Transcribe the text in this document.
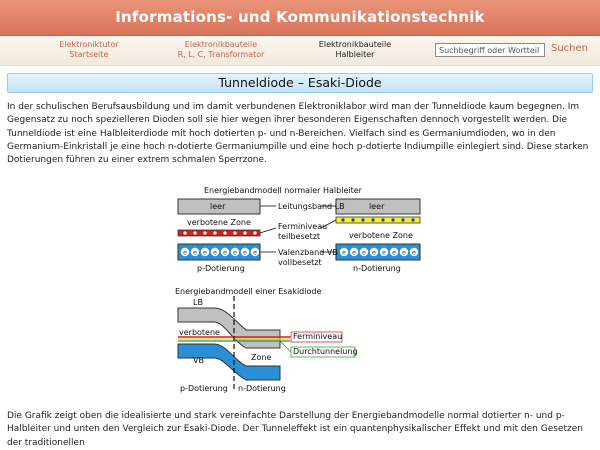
Informations- und Kommunikationstechnik
Elektroniktutor
Startseite
Elektronikbauteile
R, L, C, Transformator
Elektronikbauteile
Halbleiter
Suchbegriff oder Wortteil
Suchen
Tunneldiode – Esaki-Diode

In der schulischen Berufsausbildung und im damit verbundenen Elektroniklabor wird man der Tunneldiode kaum begegnen. Im Gegensatz zu noch spezielleren Dioden soll sie hier wegen ihrer besonderen Eigenschaften dennoch vorgestellt werden. Die Tunneldiode ist eine Halbleiterdiode mit hoch dotierten p- und n-Bereichen. Vielfach sind es Germaniumdioden, wo in den Germanium-Einkristall je eine hoch n-dotierte Germaniumpille und eine hoch p-dotierte Indiumpille einlegiert sind. Diese starken Dotierungen führen zu einer extrem schmalen Sperrzone.

e e e e e e e e	e e e e e e e e
Energiebandmodell normaler Halbleiter
leer	leer
Leitungsband LB
verbotene Zone
verbotene Zone
Ferminiveau
teilbesetzt
Valenzband VB
vollbesetzt
p-Dotierung	n-Dotierung
Energiebandmodell einer Esakidiode
LB
verbotene
VB	Zone
Ferminiveau
Durchtunnelung
p-Dotierung n-Dotierung

Die Grafik zeigt oben die idealisierte und stark vereinfachte Darstellung der Energiebandmodelle normal dotierter n- und p-Halbleiter und unten den Vergleich zur Esaki-Diode. Der Tunneleffekt ist ein quantenphysikalischer Effekt und mit den Gesetzen der traditionellen
